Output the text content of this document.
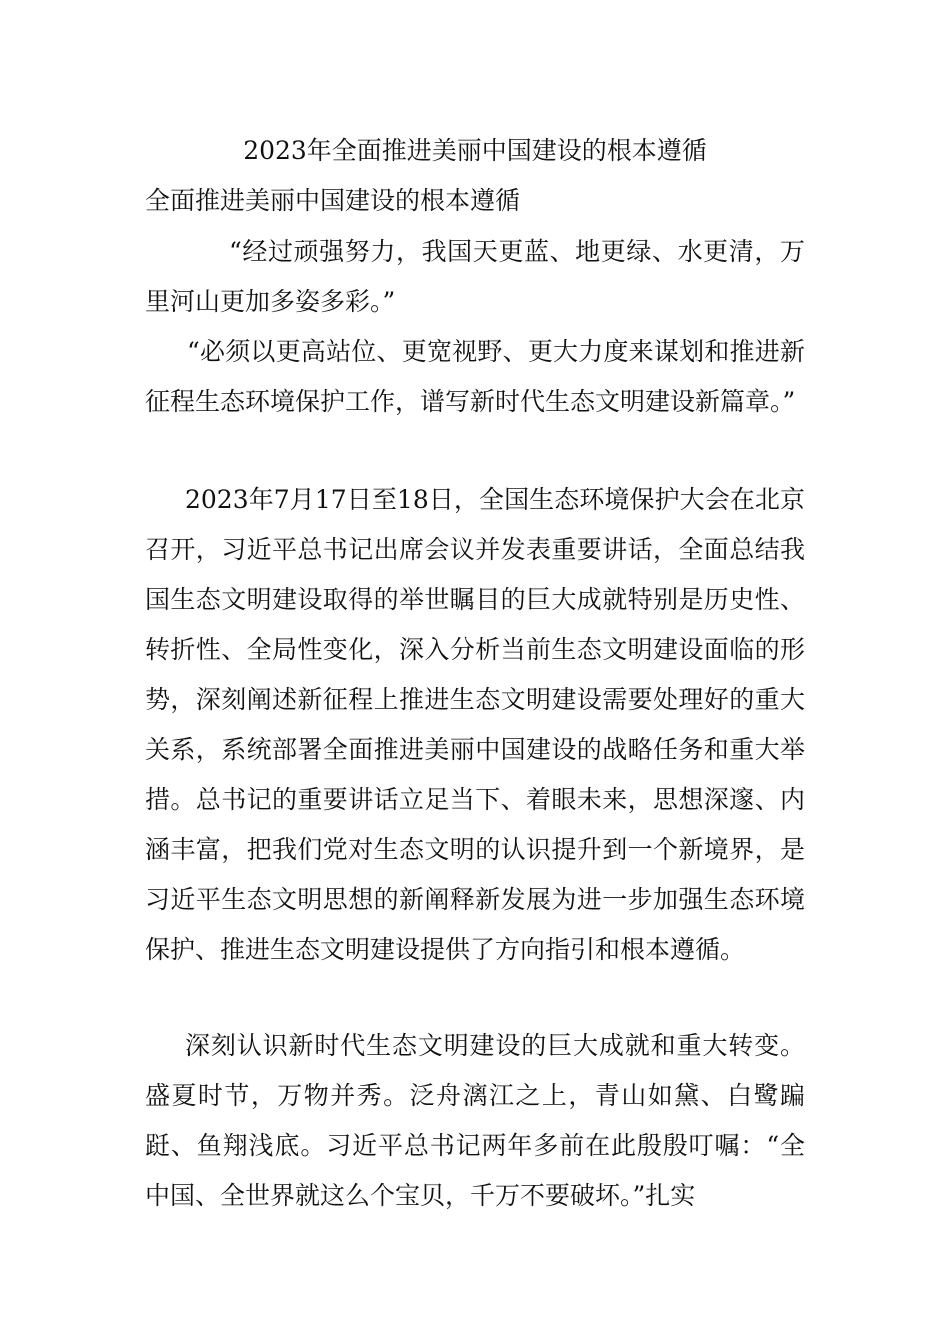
2023年全面推进美丽中国建设的根本遵循
全面推进美丽中国建设的根本遵循

“经过顽强努力，我国天更蓝、地更绿、水更清，万里河山更加多姿多彩。”

“必须以更高站位、更宽视野、更大力度来谋划和推进新征程生态环境保护工作，谱写新时代生态文明建设新篇章。”

2023年7月17日至18日，全国生态环境保护大会在北京召开，习近平总书记出席会议并发表重要讲话，全面总结我国生态文明建设取得的举世瞩目的巨大成就特别是历史性、转折性、全局性变化，深入分析当前生态文明建设面临的形势，深刻阐述新征程上推进生态文明建设需要处理好的重大关系，系统部署全面推进美丽中国建设的战略任务和重大举措。总书记的重要讲话立足当下、着眼未来，思想深邃、内涵丰富，把我们党对生态文明的认识提升到一个新境界，是习近平生态文明思想的新阐释新发展为进一步加强生态环境保护、推进生态文明建设提供了方向指引和根本遵循。

深刻认识新时代生态文明建设的巨大成就和重大转变。盛夏时节，万物并秀。泛舟漓江之上，青山如黛、白鹭蹁跹、鱼翔浅底。习近平总书记两年多前在此殷殷叮嘱：“全中国、全世界就这么个宝贝，千万不要破坏。”扎实
